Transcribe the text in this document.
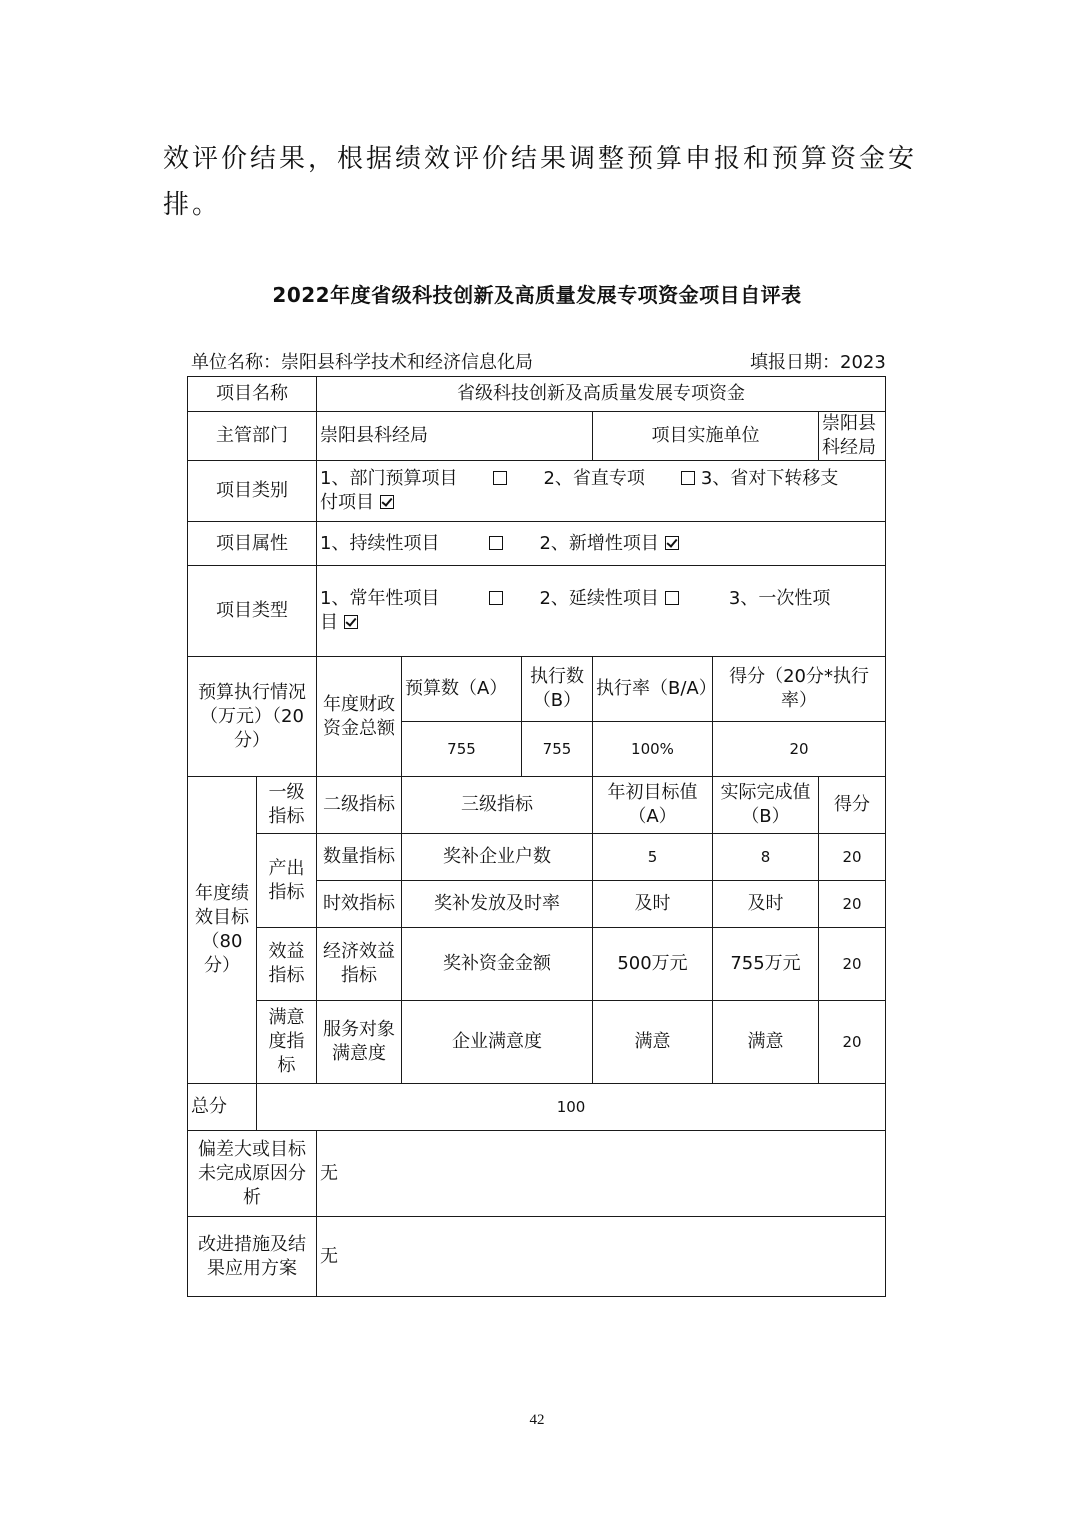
效评价结果，根据绩效评价结果调整预算申报和预算资金安排。

2022年度省级科技创新及高质量发展专项资金项目自评表
单位名称：崇阳县科学技术和经济信息化局	填报日期：2023
项目名称		省级科技创新及高质量发展专项资金					
主管部门		崇阳县科经局			项目实施单位		崇阳县科经局
项目类别		1、部门预算项目 2、省直专项 3、省对下转移支
付项目					
项目属性		1、持续性项目 2、新增性项目					
项目类型		1、常年性项目 2、延续性项目 3、一次性项
目					
预算执行情况（万元）（20分）		年度财政资金总额	预算数（A）	执行数（B）	执行率（B/A）	得分（20分*执行率）	
			755	755	100%	20	
年度绩效目标（80分）	一级指标	二级指标	三级指标		年初目标值（A）	实际完成值（B）	得分
	产出指标	数量指标	奖补企业户数		5	8	20
		时效指标	奖补发放及时率		及时	及时	20
	效益指标	经济效益指标	奖补资金金额		500万元	755万元	20
	满意度指标	服务对象满意度	企业满意度		满意	满意	20
总分	100						
偏差大或目标未完成原因分析		无					
改进措施及结果应用方案		无					
42
